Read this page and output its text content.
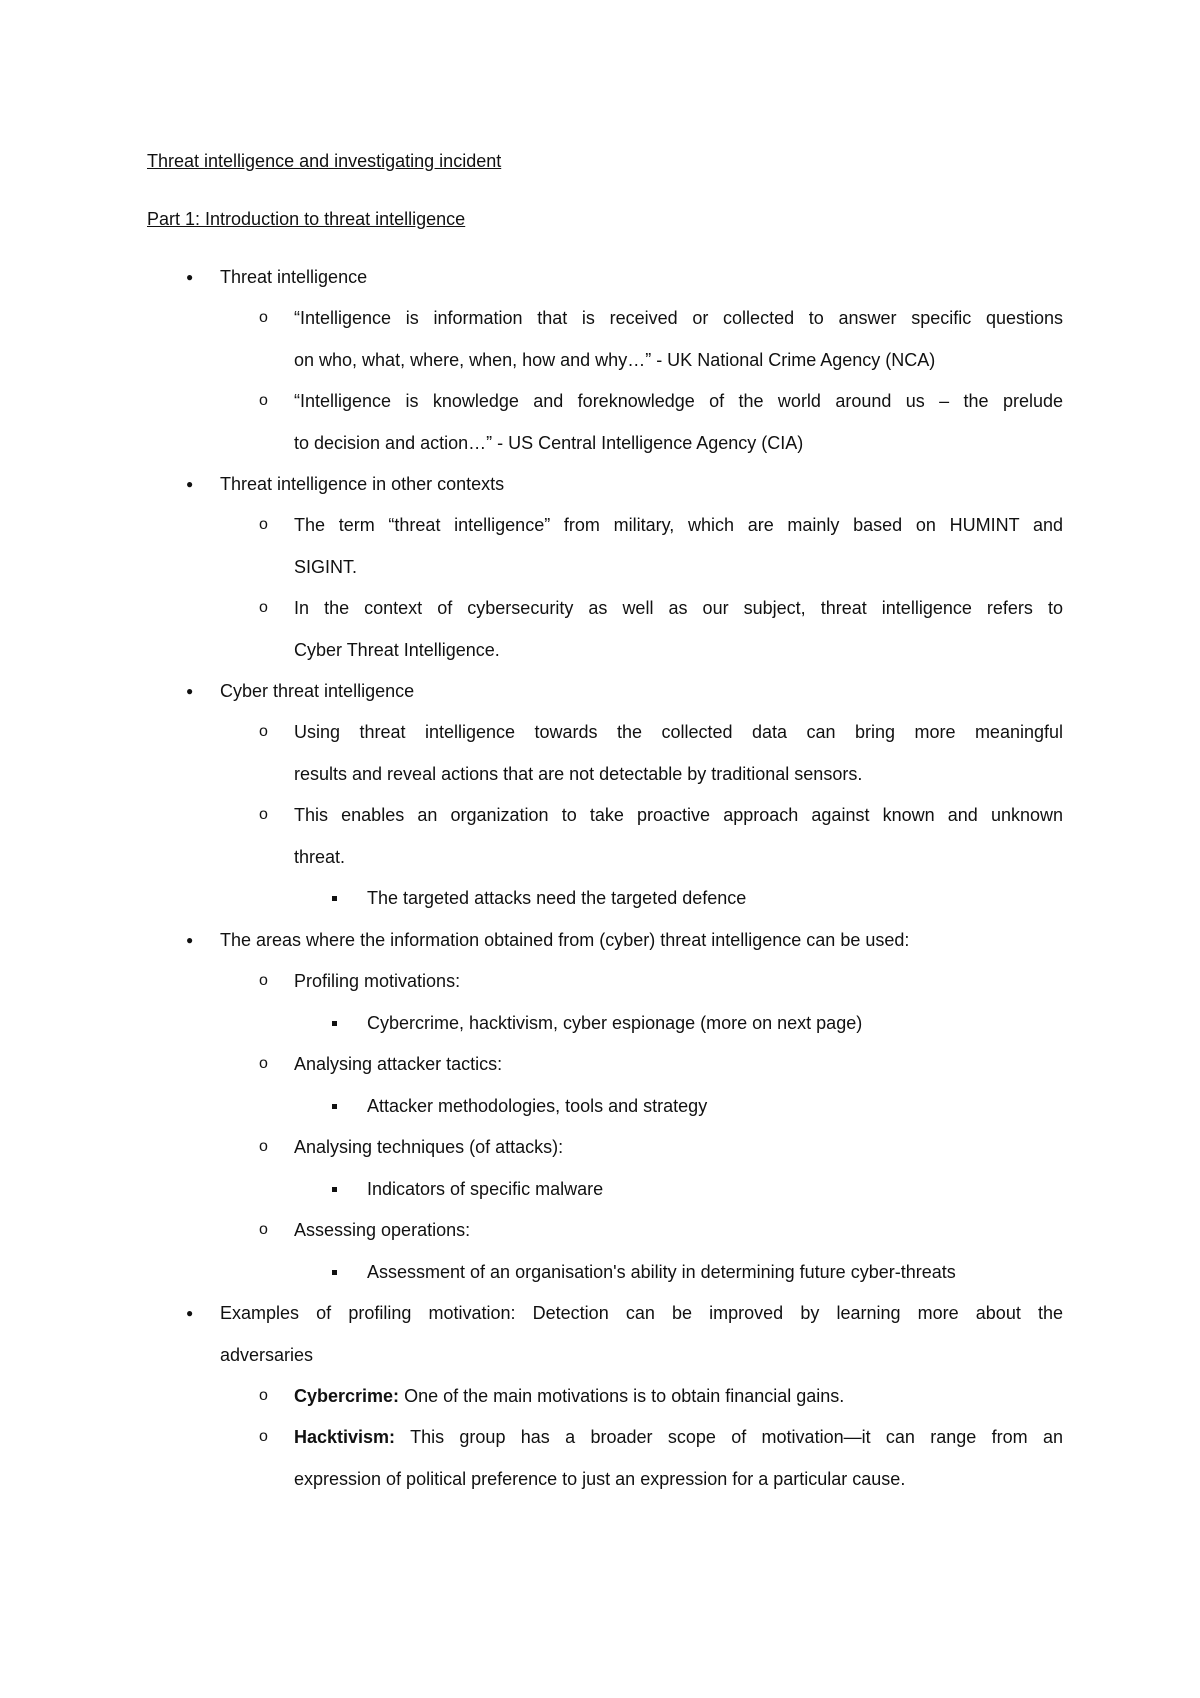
Threat intelligence and investigating incident
Part 1: Introduction to threat intelligence
● Threat intelligence
o “Intelligence is information that is received or collected to answer specific questions
on who, what, where, when, how and why…” - UK National Crime Agency (NCA)
o “Intelligence is knowledge and foreknowledge of the world around us – the prelude
to decision and action…” - US Central Intelligence Agency (CIA)
● Threat intelligence in other contexts
o The term “threat intelligence” from military, which are mainly based on HUMINT and
SIGINT.
o In the context of cybersecurity as well as our subject, threat intelligence refers to
Cyber Threat Intelligence.
● Cyber threat intelligence
o Using threat intelligence towards the collected data can bring more meaningful
results and reveal actions that are not detectable by traditional sensors.
o This enables an organization to take proactive approach against known and unknown
threat.
The targeted attacks need the targeted defence
● The areas where the information obtained from (cyber) threat intelligence can be used:
o Profiling motivations:
Cybercrime, hacktivism, cyber espionage (more on next page)
o Analysing attacker tactics:
Attacker methodologies, tools and strategy
o Analysing techniques (of attacks):
Indicators of specific malware
o Assessing operations:
Assessment of an organisation's ability in determining future cyber-threats
● Examples of profiling motivation: Detection can be improved by learning more about the
adversaries
o Cybercrime: One of the main motivations is to obtain financial gains.
o Hacktivism: This group has a broader scope of motivation—it can range from an
expression of political preference to just an expression for a particular cause.
